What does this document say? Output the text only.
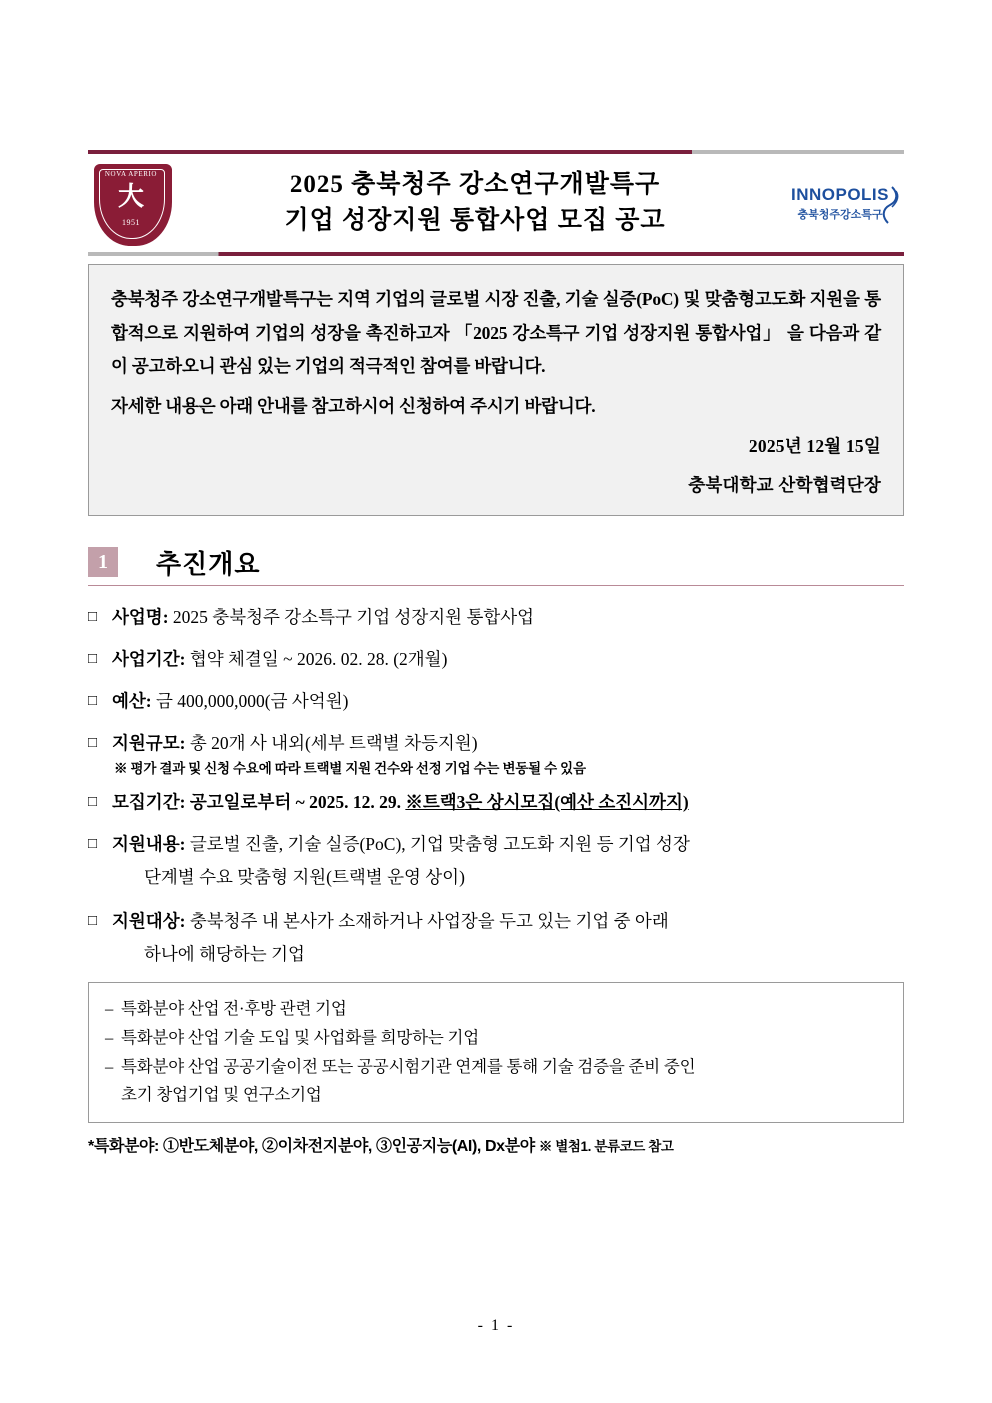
NOVA APERIO
大
1951
2025 충북청주 강소연구개발특구
기업 성장지원 통합사업 모집 공고
INNOPOLIS
충북청주강소특구
충북청주 강소연구개발특구는 지역 기업의 글로벌 시장 진출, 기술 실증(PoC) 및 맞춤형고도화 지원을 통합적으로 지원하여 기업의 성장을 촉진하고자 「2025 강소특구 기업 성장지원 통합사업」 을 다음과 같이 공고하오니 관심 있는 기업의 적극적인 참여를 바랍니다.
자세한 내용은 아래 안내를 참고하시어 신청하여 주시기 바랍니다.
2025년 12월 15일
충북대학교 산학협력단장
1	추진개요
□ 사업명: 2025 충북청주 강소특구 기업 성장지원 통합사업
□ 사업기간: 협약 체결일 ~ 2026. 02. 28. (2개월)
□ 예산: 금 400,000,000(금 사억원)
□ 지원규모: 총 20개 사 내외(세부 트랙별 차등지원)
※ 평가 결과 및 신청 수요에 따라 트랙별 지원 건수와 선정 기업 수는 변동될 수 있음
□ 모집기간: 공고일로부터 ~ 2025. 12. 29. ※트랙3은 상시모집(예산 소진시까지)
□ 지원내용: 글로벌 진출, 기술 실증(PoC), 기업 맞춤형 고도화 지원 등 기업 성장
단계별 수요 맞춤형 지원(트랙별 운영 상이)
□ 지원대상: 충북청주 내 본사가 소재하거나 사업장을 두고 있는 기업 중 아래
하나에 해당하는 기업
– 특화분야 산업 전·후방 관련 기업
– 특화분야 산업 기술 도입 및 사업화를 희망하는 기업
– 특화분야 산업 공공기술이전 또는 공공시험기관 연계를 통해 기술 검증을 준비 중인
초기 창업기업 및 연구소기업
*특화분야: ①반도체분야, ②이차전지분야, ③인공지능(AI), Dx분야 ※ 별첨1. 분류코드 참고
- 1 -
